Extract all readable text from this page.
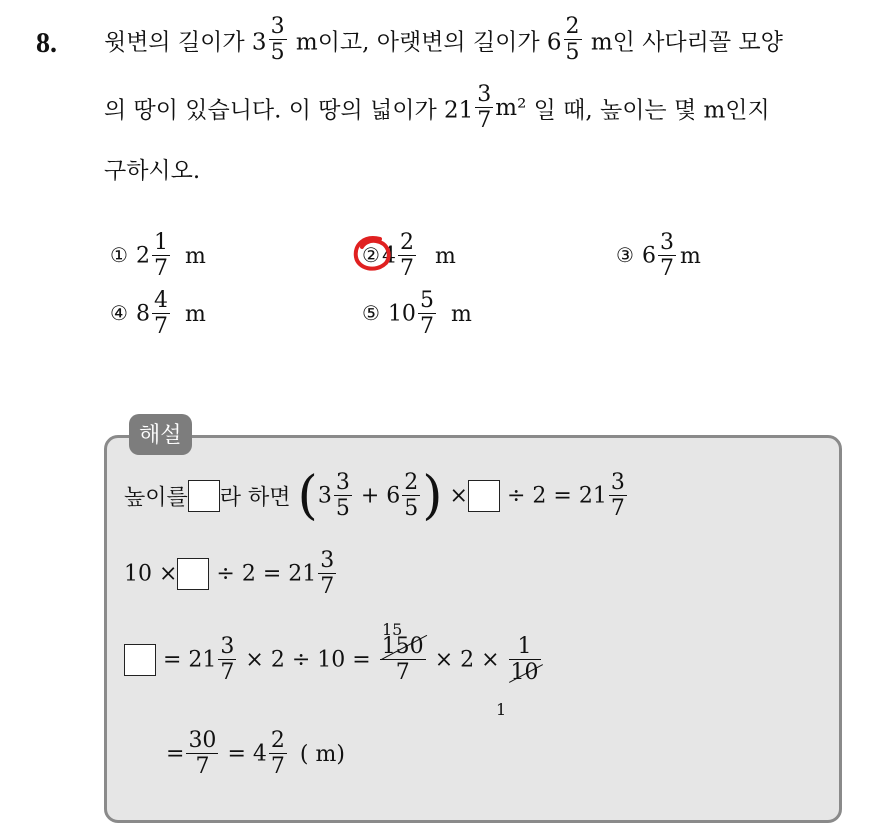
8. 윗변의 길이가 $3 \frac{3}{5}$ m이고, 아랫변의 길이가 $6 \frac{2}{5}$ m인 사다리꼴 모양
의 땅이 있습니다. 이 땅의 넓이가 $21 \frac{3}{7} m^2$ 일 때, 높이는 몇 m인지
구하시오.
① $2 \frac{1}{7}$ m	②4 $\frac{2}{7}$ m	③ $6 \frac{3}{7}$ m
④ $8 \frac{4}{7}$ m	⑤ $10 \frac{5}{7}$ m
해설
높이를 라 하면 ($3 \frac{3}{5} + 6 \frac{2}{5}$ ) × ÷ $2 = 21 \frac{3}{7}$
10 × ÷ $2 = 21 \frac{3}{7}$
= $21 \frac{3}{7} \times 2 \div 10 = \frac{150}{7} \times 2 \times \frac{1}{10}$
15
1
= $\frac{30}{7} = 4 \frac{2}{7}$ ( m)
